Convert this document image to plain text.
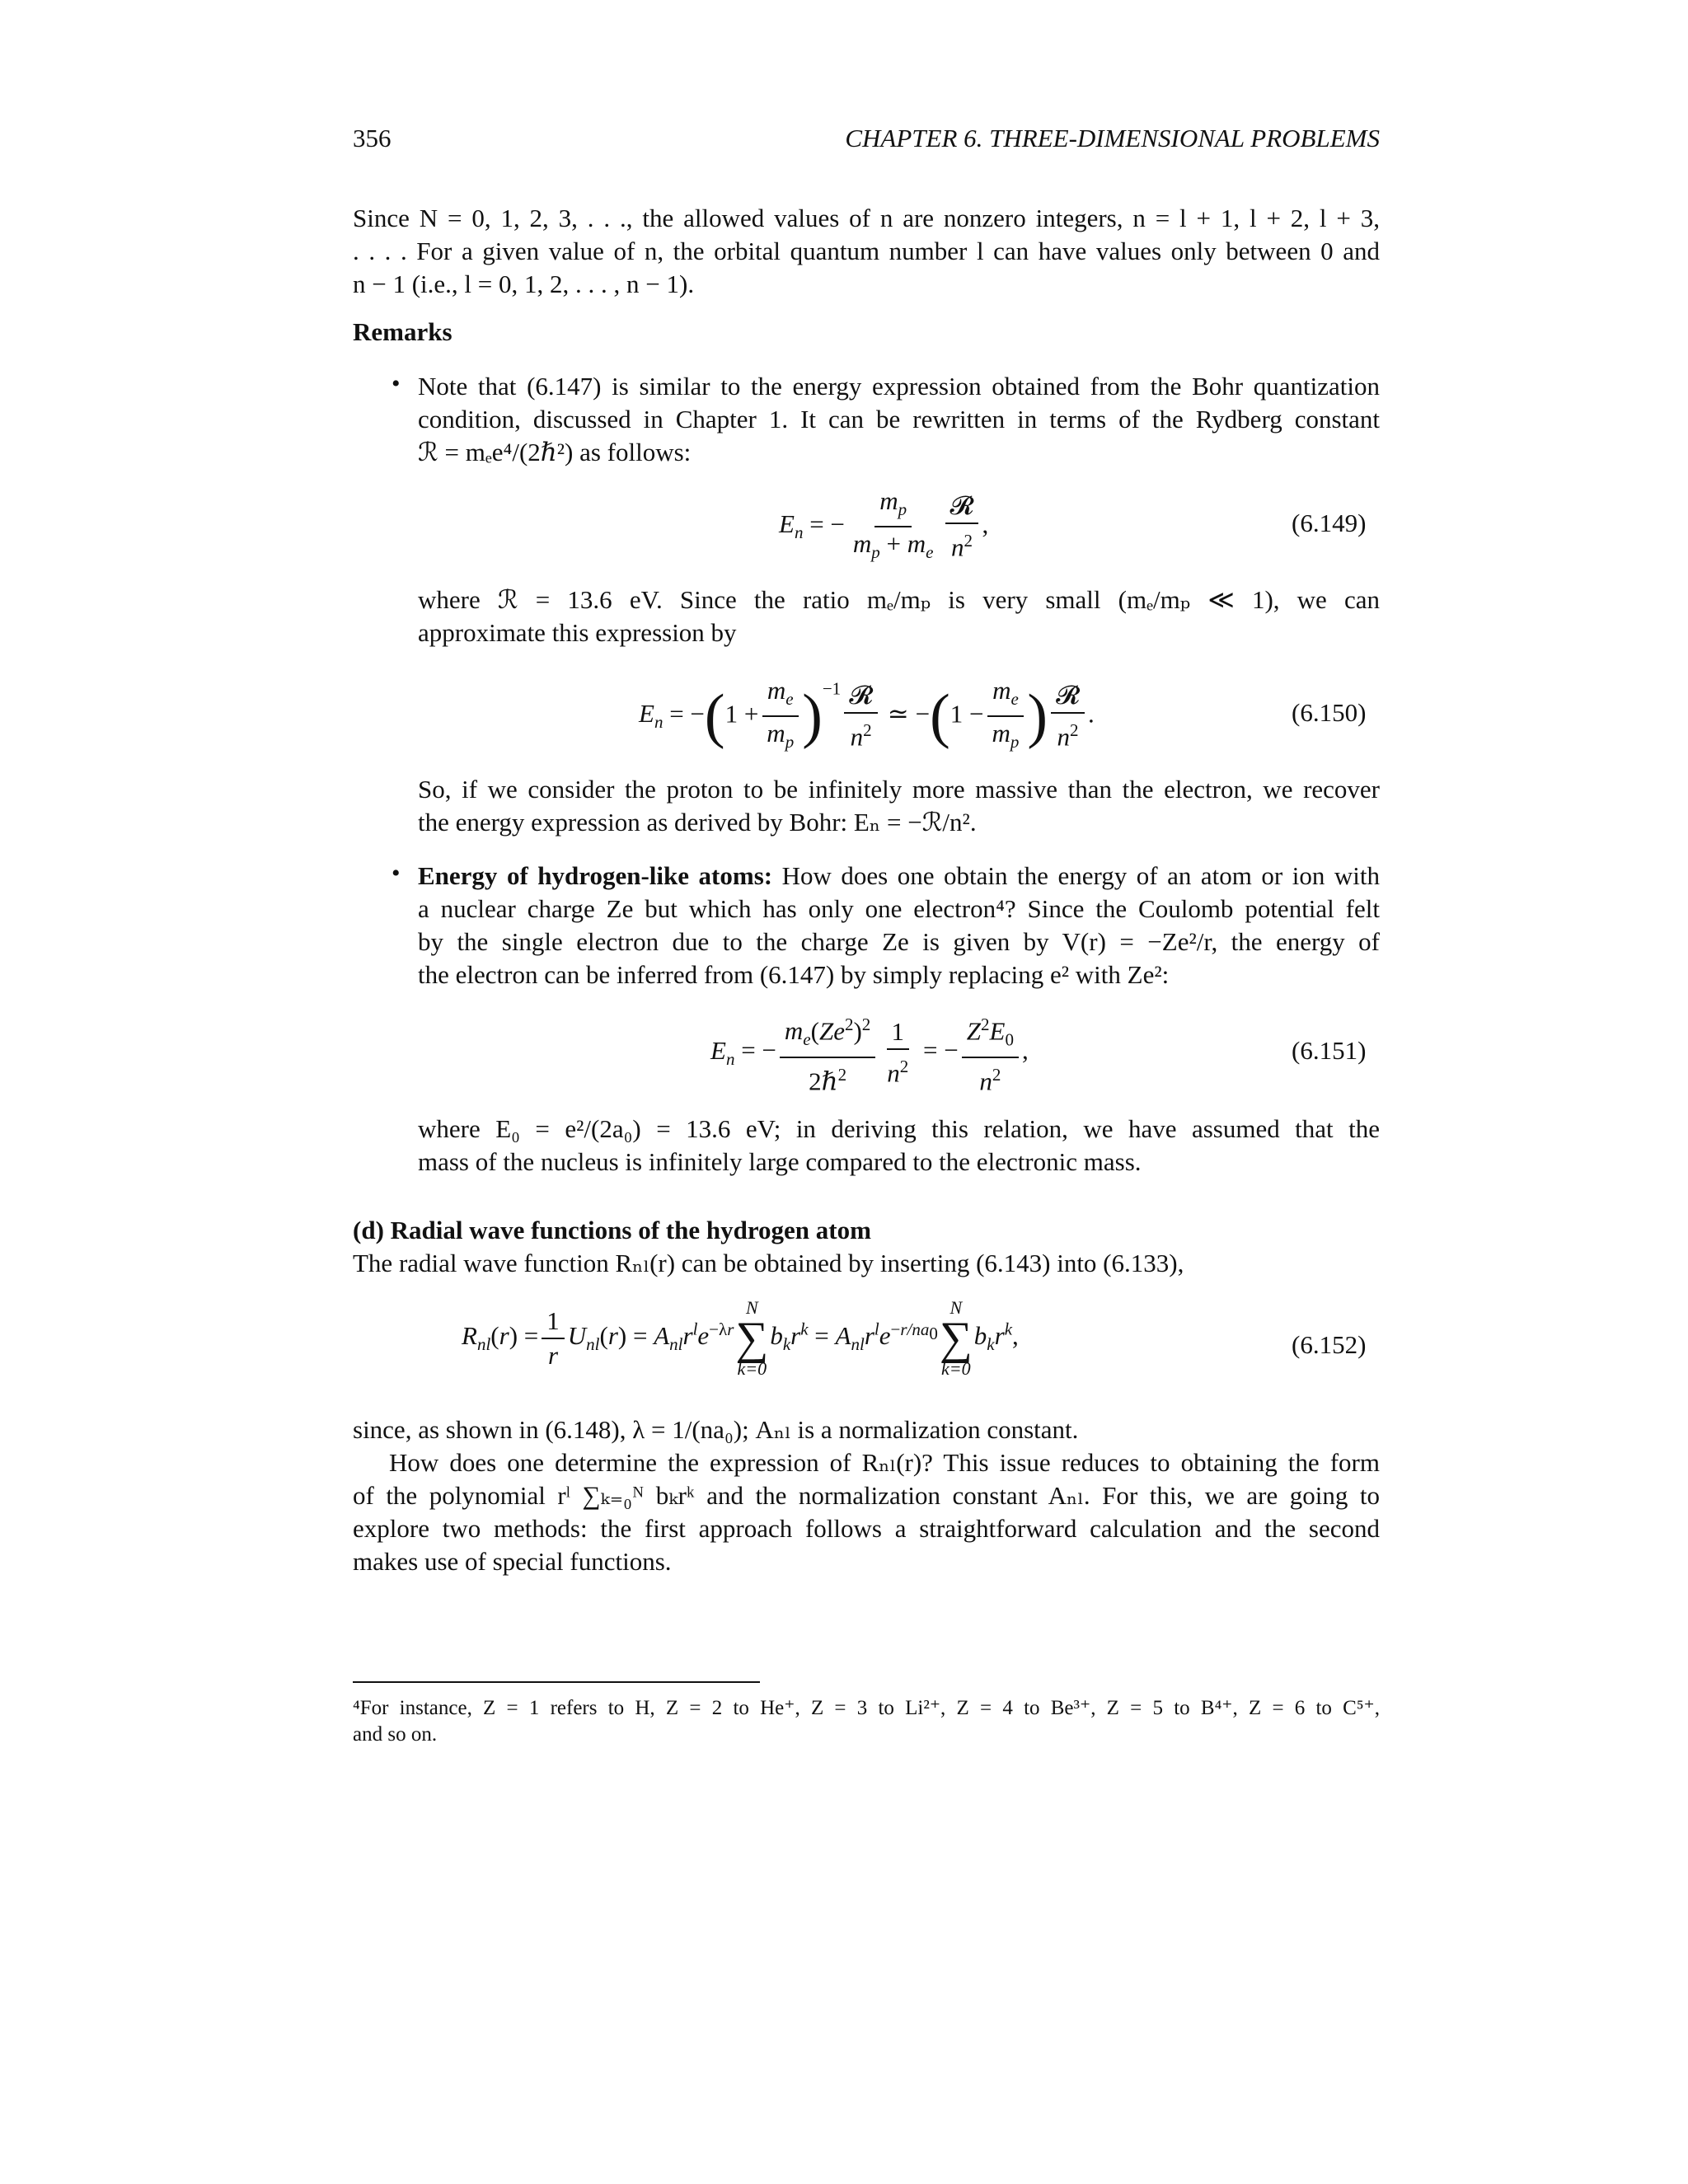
356	CHAPTER 6. THREE-DIMENSIONAL PROBLEMS
Since N = 0, 1, 2, 3, . . ., the allowed values of n are nonzero integers, n = l + 1, l + 2, l + 3,
. . . . For a given value of n, the orbital quantum number l can have values only between 0 and
n − 1 (i.e., l = 0, 1, 2, . . . , n − 1).
Remarks
• Note that (6.147) is similar to the energy expression obtained from the Bohr quantization
condition, discussed in Chapter 1. It can be rewritten in terms of the Rydberg constant
ℛ = mₑe⁴/(2ℏ²) as follows:
$E_n$ = − $\frac{m_p}{m_p + m_e} \frac{\text{𝓡}}{n^2}$ ,	(6.149)
where ℛ = 13.6 eV. Since the ratio mₑ/mₚ is very small (mₑ/mₚ ≪ 1), we can
approximate this expression by
$E_n = -(1 + \frac{m_e}{m_p} )^{-1} \frac{\text{𝓡}}{n^2}$ ≃ $-(1 - \frac{m_e}{m_p}$ ) $\frac{\text{𝓡}}{n^2}$ .	(6.150)
So, if we consider the proton to be infinitely more massive than the electron, we recover
the energy expression as derived by Bohr: Eₙ = −ℛ/n².
• Energy of hydrogen-like atoms: How does one obtain the energy of an atom or ion with
a nuclear charge Ze but which has only one electron⁴? Since the Coulomb potential felt
by the single electron due to the charge Ze is given by V(r) = −Ze²/r, the energy of
the electron can be inferred from (6.147) by simply replacing e² with Ze²:
$E_n$ = − $\frac{m_e(Ze^2)^2}{2\hbar^2} \frac{1}{n^2}$ = − $\frac{Z^2E_0}{n^2}$ ,	(6.151)
where E₀ = e²/(2a₀) = 13.6 eV; in deriving this relation, we have assumed that the
mass of the nucleus is infinitely large compared to the electronic mass.
(d) Radial wave functions of the hydrogen atom
The radial wave function Rₙₗ(r) can be obtained by inserting (6.143) into (6.133),
$R_{nl}(r) = \frac{1}{r} U_{nl}(r) = A_{nl}r^le^{-\lambda r}$
N
∑
k=0
$b_kr^k = A_{nl}r^le^{-r/na_0}$
N
∑
k=0
$b_kr^k$,	(6.152)
since, as shown in (6.148), λ = 1/(na₀); Aₙₗ is a normalization constant.
How does one determine the expression of Rₙₗ(r)? This issue reduces to obtaining the form
of the polynomial rˡ ∑ₖ₌₀ᴺ bₖrᵏ and the normalization constant Aₙₗ. For this, we are going to
explore two methods: the first approach follows a straightforward calculation and the second
makes use of special functions.
⁴For instance, Z = 1 refers to H, Z = 2 to He⁺, Z = 3 to Li²⁺, Z = 4 to Be³⁺, Z = 5 to B⁴⁺, Z = 6 to C⁵⁺,
and so on.
